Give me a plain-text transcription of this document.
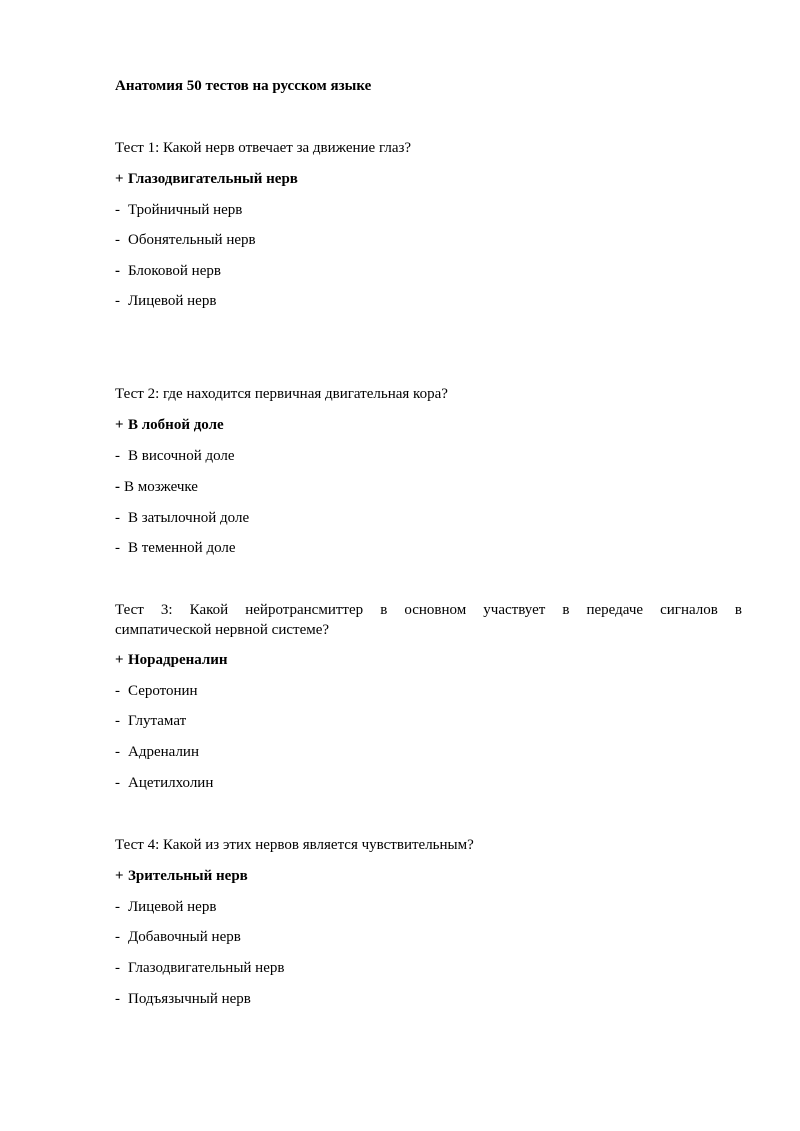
Анатомия 50 тестов на русском языке
Тест 1: Какой нерв отвечает за движение глаз?
+ Глазодвигательный нерв
- Тройничный нерв
- Обонятельный нерв
- Блоковой нерв
- Лицевой нерв
Тест 2: где находится первичная двигательная кора?
+ В лобной доле
- В височной доле
- В мозжечке
- В затылочной доле
- В теменной доле
Тест 3: Какой нейротрансмиттер в основном участвует в передаче сигналов в
симпатической нервной системе?
+ Норадреналин
- Серотонин
- Глутамат
- Адреналин
- Ацетилхолин
Тест 4: Какой из этих нервов является чувствительным?
+ Зрительный нерв
- Лицевой нерв
- Добавочный нерв
- Глазодвигательный нерв
- Подъязычный нерв
